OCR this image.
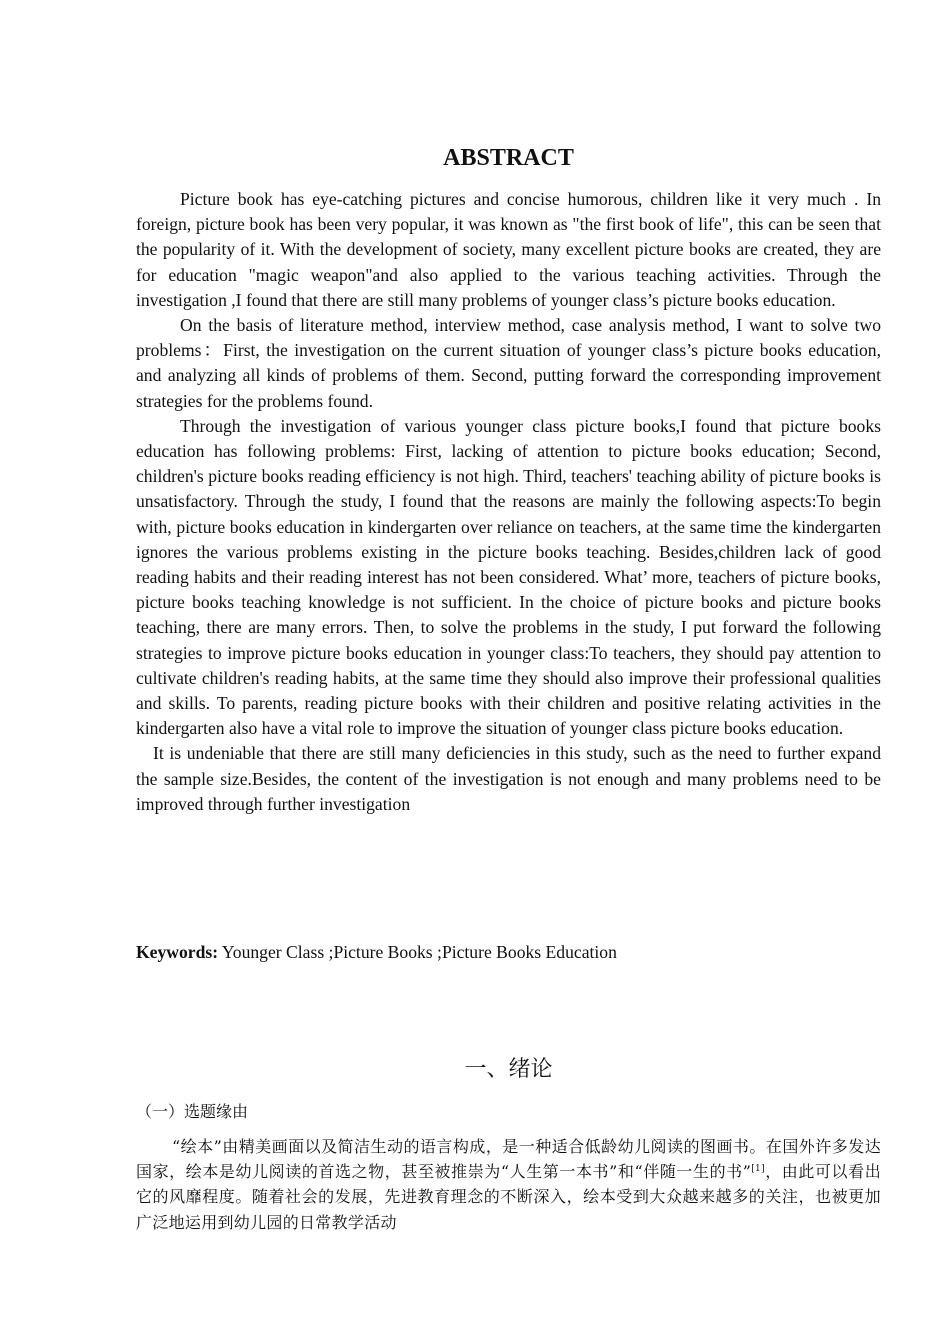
ABSTRACT

Picture book has eye-catching pictures and concise humorous, children like it very much . In foreign, picture book has been very popular, it was known as "the first book of life", this can be seen that the popularity of it. With the development of society, many excellent picture books are created, they are for education "magic weapon"and also applied to the various teaching activities. Through the investigation ,I found that there are still many problems of younger class’s picture books education.

On the basis of literature method, interview method, case analysis method, I want to solve two problems：First, the investigation on the current situation of younger class’s picture books education, and analyzing all kinds of problems of them. Second, putting forward the corresponding improvement strategies for the problems found.

Through the investigation of various younger class picture books,I found that picture books education has following problems: First, lacking of attention to picture books education; Second, children's picture books reading efficiency is not high. Third, teachers' teaching ability of picture books is unsatisfactory. Through the study, I found that the reasons are mainly the following aspects:To begin with, picture books education in kindergarten over reliance on teachers, at the same time the kindergarten ignores the various problems existing in the picture books teaching. Besides,children lack of good reading habits and their reading interest has not been considered. What’ more, teachers of picture books, picture books teaching knowledge is not sufficient. In the choice of picture books and picture books teaching, there are many errors. Then, to solve the problems in the study, I put forward the following strategies to improve picture books education in younger class:To teachers, they should pay attention to cultivate children's reading habits, at the same time they should also improve their professional qualities and skills. To parents, reading picture books with their children and positive relating activities in the kindergarten also have a vital role to improve the situation of younger class picture books education.

It is undeniable that there are still many deficiencies in this study, such as the need to further expand the sample size.Besides, the content of the investigation is not enough and many problems need to be improved through further investigation

Keywords: Younger Class ;Picture Books ;Picture Books Education
一、绪论
（一）选题缘由

“绘本”由精美画面以及简洁生动的语言构成，是一种适合低龄幼儿阅读的图画书。在国外许多发达国家，绘本是幼儿阅读的首选之物，甚至被推崇为“人生第一本书”和“伴随一生的书”[1]，由此可以看出它的风靡程度。随着社会的发展，先进教育理念的不断深入，绘本受到大众越来越多的关注，也被更加广泛地运用到幼儿园的日常教学活动
